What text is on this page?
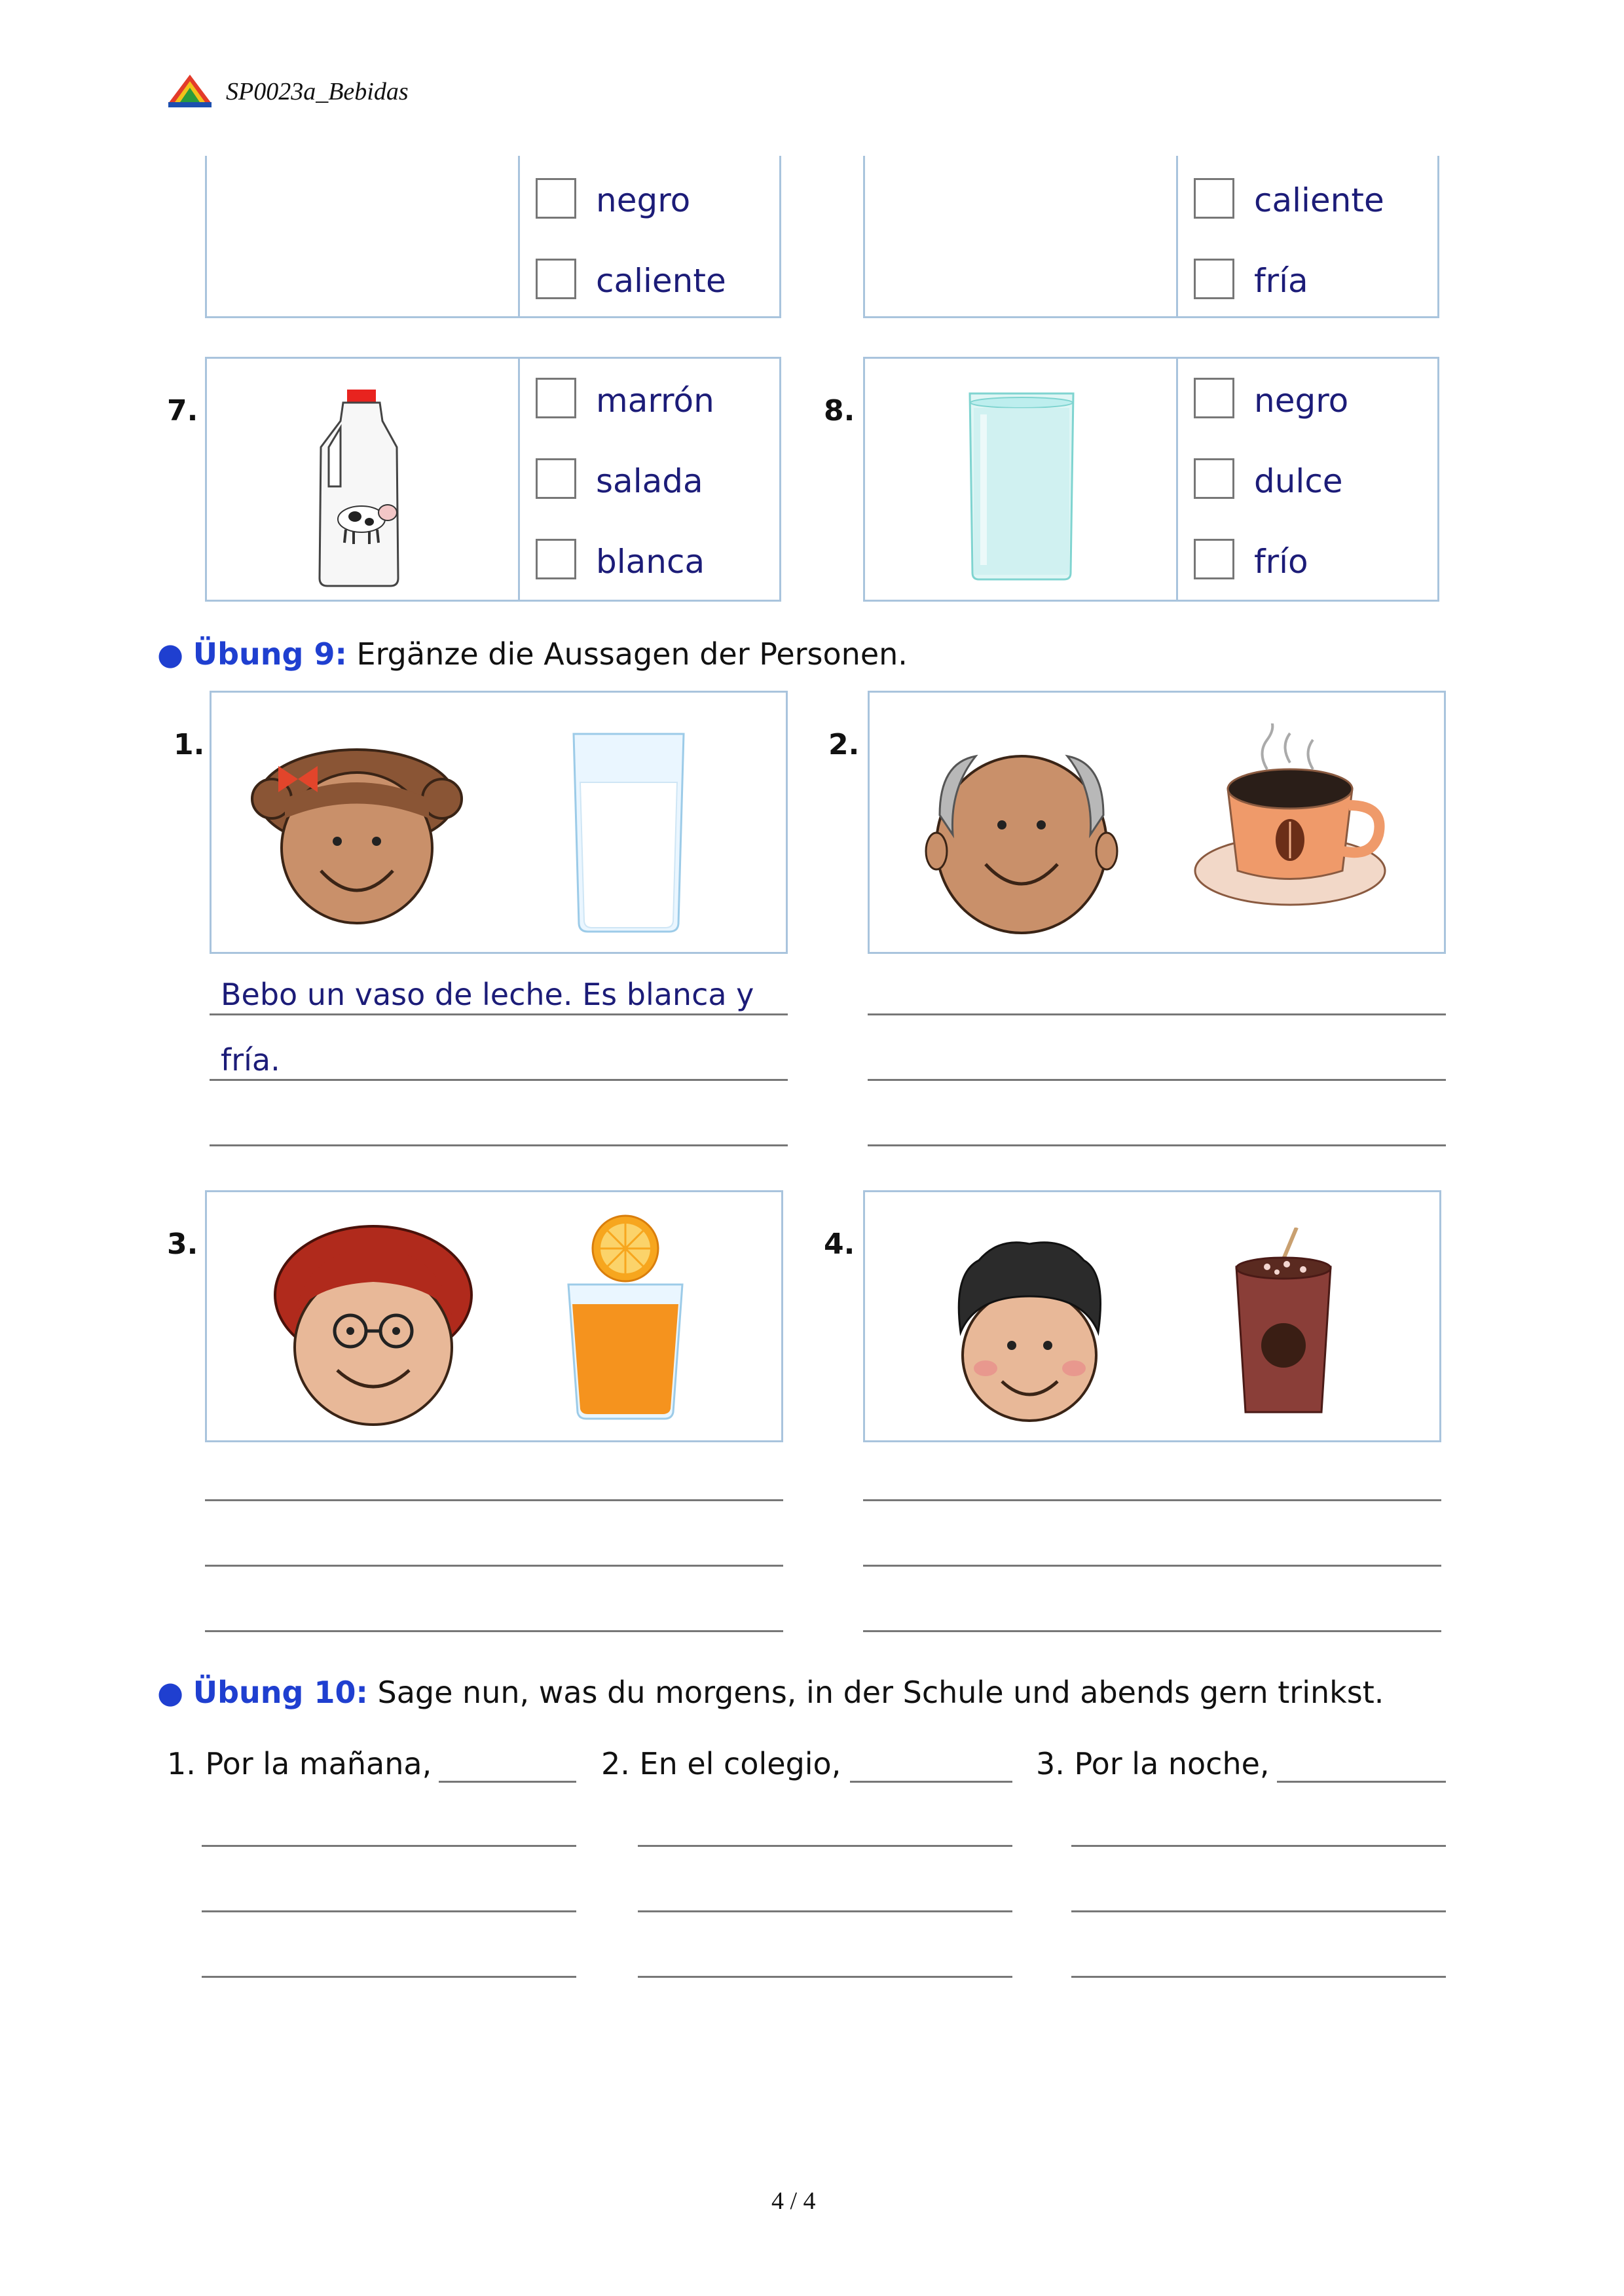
SP0023a_Bebidas
negro
caliente
caliente
fría
7.	marrón
salada
blanca
8.	negro
dulce
frío
● Übung 9: Ergänze die Aussagen der Personen.
1.
Bebo un vaso de leche. Es blanca y
fría.
2.
3.	4.
● Übung 10: Sage nun, was du morgens, in der Schule und abends gern trinkst.
1. Por la mañana,	2. En el colegio,	3. Por la noche,
4 / 4
